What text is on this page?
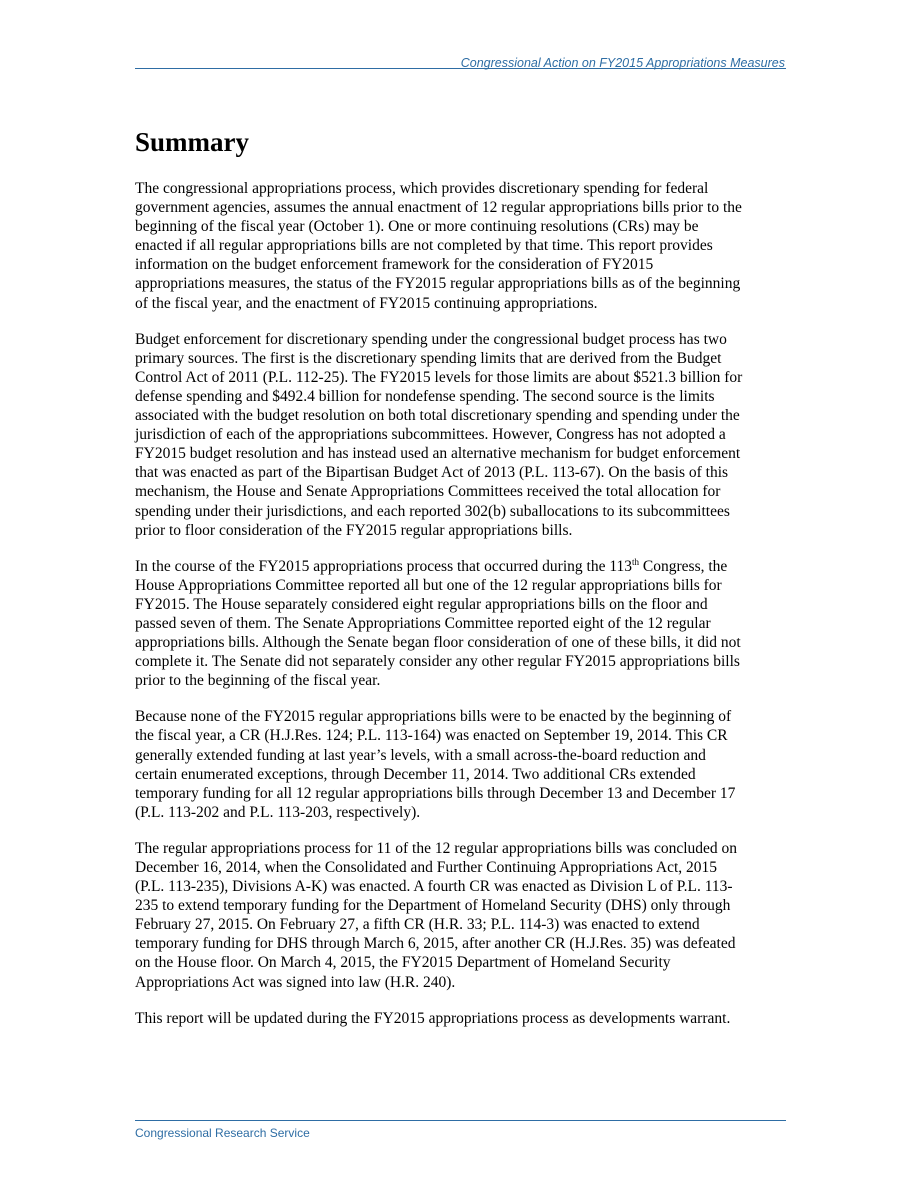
Congressional Action on FY2015 Appropriations Measures
Summary

The congressional appropriations process, which provides discretionary spending for federal
government agencies, assumes the annual enactment of 12 regular appropriations bills prior to the
beginning of the fiscal year (October 1). One or more continuing resolutions (CRs) may be
enacted if all regular appropriations bills are not completed by that time. This report provides
information on the budget enforcement framework for the consideration of FY2015
appropriations measures, the status of the FY2015 regular appropriations bills as of the beginning
of the fiscal year, and the enactment of FY2015 continuing appropriations.

Budget enforcement for discretionary spending under the congressional budget process has two
primary sources. The first is the discretionary spending limits that are derived from the Budget
Control Act of 2011 (P.L. 112-25). The FY2015 levels for those limits are about $521.3 billion for
defense spending and $492.4 billion for nondefense spending. The second source is the limits
associated with the budget resolution on both total discretionary spending and spending under the
jurisdiction of each of the appropriations subcommittees. However, Congress has not adopted a
FY2015 budget resolution and has instead used an alternative mechanism for budget enforcement
that was enacted as part of the Bipartisan Budget Act of 2013 (P.L. 113-67). On the basis of this
mechanism, the House and Senate Appropriations Committees received the total allocation for
spending under their jurisdictions, and each reported 302(b) suballocations to its subcommittees
prior to floor consideration of the FY2015 regular appropriations bills.

In the course of the FY2015 appropriations process that occurred during the 113th Congress, the
House Appropriations Committee reported all but one of the 12 regular appropriations bills for
FY2015. The House separately considered eight regular appropriations bills on the floor and
passed seven of them. The Senate Appropriations Committee reported eight of the 12 regular
appropriations bills. Although the Senate began floor consideration of one of these bills, it did not
complete it. The Senate did not separately consider any other regular FY2015 appropriations bills
prior to the beginning of the fiscal year.

Because none of the FY2015 regular appropriations bills were to be enacted by the beginning of
the fiscal year, a CR (H.J.Res. 124; P.L. 113-164) was enacted on September 19, 2014. This CR
generally extended funding at last year’s levels, with a small across-the-board reduction and
certain enumerated exceptions, through December 11, 2014. Two additional CRs extended
temporary funding for all 12 regular appropriations bills through December 13 and December 17
(P.L. 113-202 and P.L. 113-203, respectively).

The regular appropriations process for 11 of the 12 regular appropriations bills was concluded on
December 16, 2014, when the Consolidated and Further Continuing Appropriations Act, 2015
(P.L. 113-235), Divisions A-K) was enacted. A fourth CR was enacted as Division L of P.L. 113-
235 to extend temporary funding for the Department of Homeland Security (DHS) only through
February 27, 2015. On February 27, a fifth CR (H.R. 33; P.L. 114-3) was enacted to extend
temporary funding for DHS through March 6, 2015, after another CR (H.J.Res. 35) was defeated
on the House floor. On March 4, 2015, the FY2015 Department of Homeland Security
Appropriations Act was signed into law (H.R. 240).

This report will be updated during the FY2015 appropriations process as developments warrant.

Congressional Research Service
